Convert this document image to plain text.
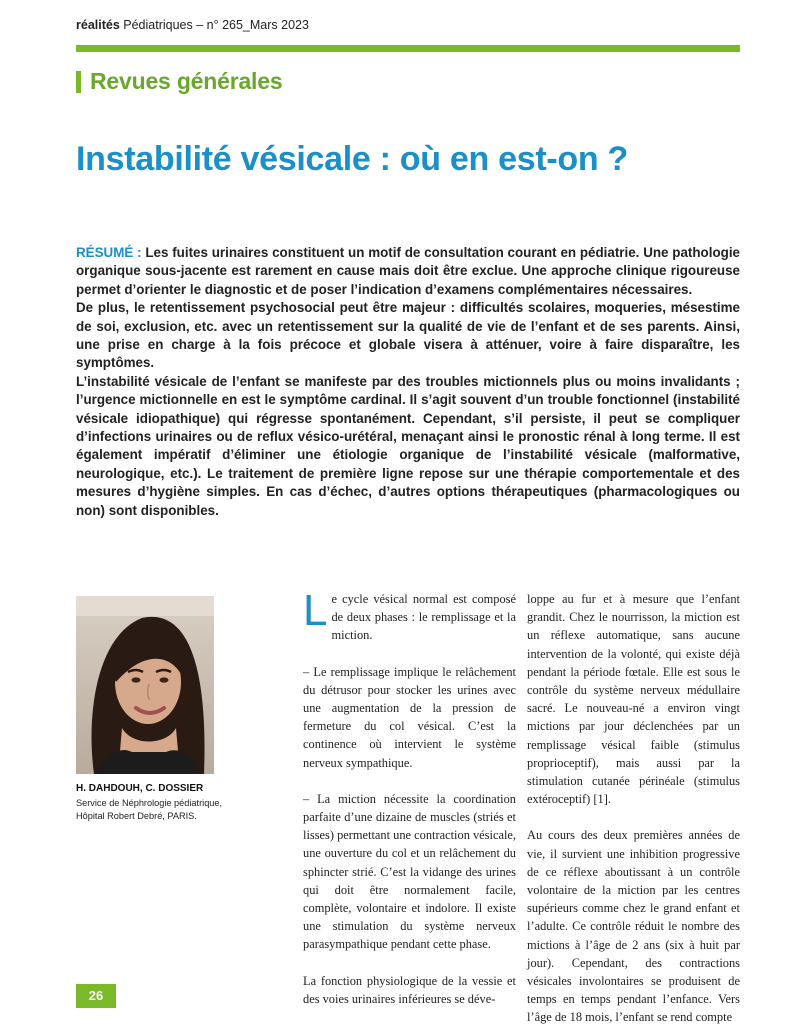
réalités Pédiatriques – n° 265_Mars 2023
Revues générales
Instabilité vésicale : où en est-on ?

RÉSUMÉ : Les fuites urinaires constituent un motif de consultation courant en pédiatrie. Une pathologie organique sous-jacente est rarement en cause mais doit être exclue. Une approche clinique rigoureuse permet d’orienter le diagnostic et de poser l’indication d’examens complémentaires nécessaires.

De plus, le retentissement psychosocial peut être majeur : difficultés scolaires, moqueries, mésestime de soi, exclusion, etc. avec un retentissement sur la qualité de vie de l’enfant et de ses parents. Ainsi, une prise en charge à la fois précoce et globale visera à atténuer, voire à faire disparaître, les symptômes.

L’instabilité vésicale de l’enfant se manifeste par des troubles mictionnels plus ou moins invalidants ; l’urgence mictionnelle en est le symptôme cardinal. Il s’agit souvent d’un trouble fonctionnel (instabilité vésicale idiopathique) qui régresse spontanément. Cependant, s’il persiste, il peut se compliquer d’infections urinaires ou de reflux vésico-urétéral, menaçant ainsi le pronostic rénal à long terme. Il est également impératif d’éliminer une étiologie organique de l’instabilité vésicale (malformative, neurologique, etc.). Le traitement de première ligne repose sur une thérapie comportementale et des mesures d’hygiène simples. En cas d’échec, d’autres options thérapeutiques (pharmacologiques ou non) sont disponibles.

H. DAHDOUH, C. DOSSIER
Service de Néphrologie pédiatrique,
Hôpital Robert Debré, PARIS.

Le cycle vésical normal est composé de deux phases : le remplissage et la miction.

– Le remplissage implique le relâchement du détrusor pour stocker les urines avec une augmentation de la pression de fermeture du col vésical. C’est la continence où intervient le système nerveux sympathique.

– La miction nécessite la coordination parfaite d’une dizaine de muscles (striés et lisses) permettant une contraction vésicale, une ouverture du col et un relâchement du sphincter strié. C’est la vidange des urines qui doit être normalement facile, complète, volontaire et indolore. Il existe une stimulation du système nerveux parasympathique pendant cette phase.

La fonction physiologique de la vessie et des voies urinaires inférieures se déve-

loppe au fur et à mesure que l’enfant grandit. Chez le nourrisson, la miction est un réflexe automatique, sans aucune intervention de la volonté, qui existe déjà pendant la période fœtale. Elle est sous le contrôle du système nerveux médullaire sacré. Le nouveau-né a environ vingt mictions par jour déclenchées par un remplissage vésical faible (stimulus proprioceptif), mais aussi par la stimulation cutanée périnéale (stimulus extéroceptif) [1].

Au cours des deux premières années de vie, il survient une inhibition progressive de ce réflexe aboutissant à un contrôle volontaire de la miction par les centres supérieurs comme chez le grand enfant et l’adulte. Ce contrôle réduit le nombre des mictions à l’âge de 2 ans (six à huit par jour). Cependant, des contractions vésicales involontaires se produisent de temps en temps pendant l’enfance. Vers l’âge de 18 mois, l’enfant se rend compte

26
